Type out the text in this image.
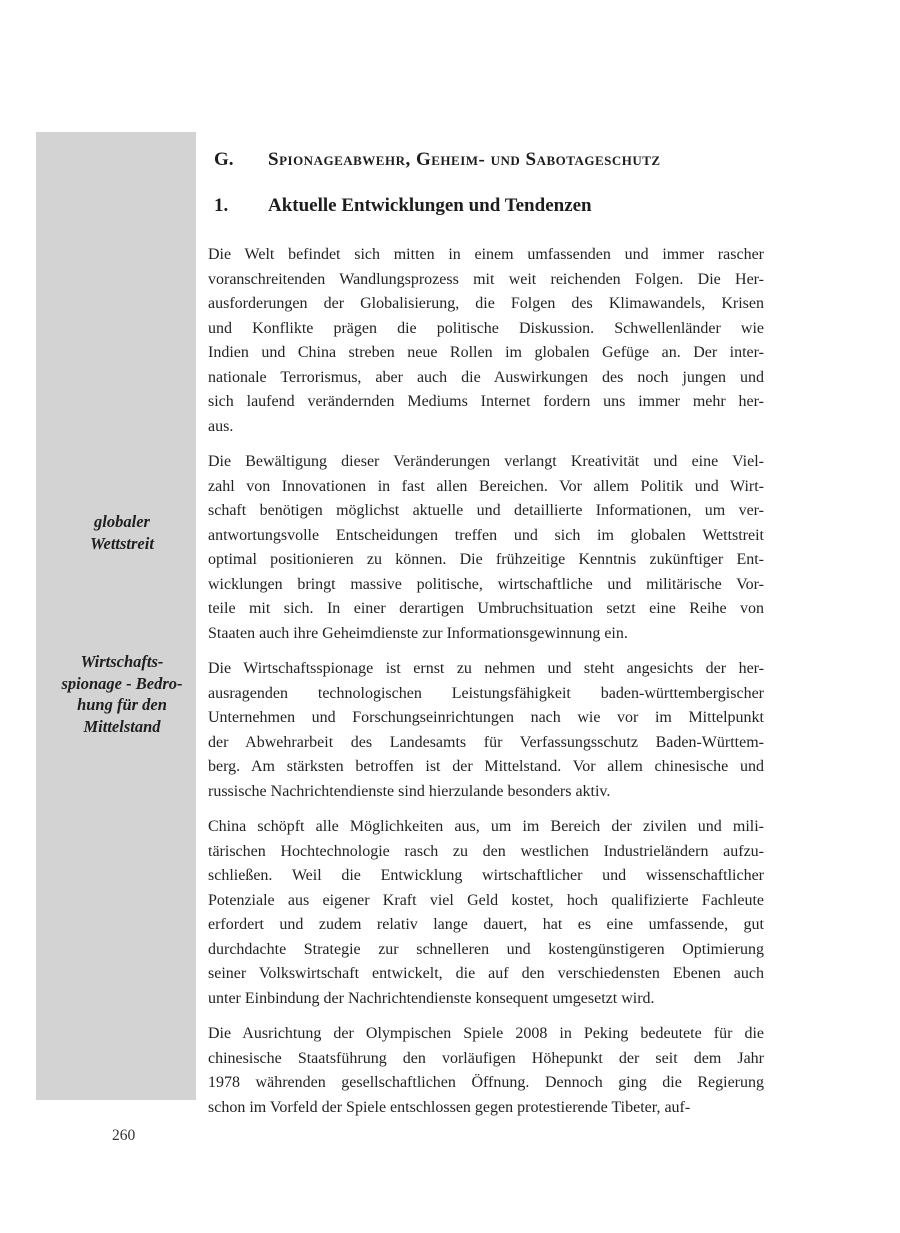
globaler
Wettstreit
Wirtschafts-
spionage - Bedro-
hung für den
Mittelstand
G.	Spionageabwehr, Geheim- und Sabotageschutz
1.	Aktuelle Entwicklungen und Tendenzen
Die Welt befindet sich mitten in einem umfassenden und immer rascher
voranschreitenden Wandlungsprozess mit weit reichenden Folgen. Die Her-
ausforderungen der Globalisierung, die Folgen des Klimawandels, Krisen
und Konflikte prägen die politische Diskussion. Schwellenländer wie
Indien und China streben neue Rollen im globalen Gefüge an. Der inter-
nationale Terrorismus, aber auch die Auswirkungen des noch jungen und
sich laufend verändernden Mediums Internet fordern uns immer mehr her-
aus.
Die Bewältigung dieser Veränderungen verlangt Kreativität und eine Viel-
zahl von Innovationen in fast allen Bereichen. Vor allem Politik und Wirt-
schaft benötigen möglichst aktuelle und detaillierte Informationen, um ver-
antwortungsvolle Entscheidungen treffen und sich im globalen Wettstreit
optimal positionieren zu können. Die frühzeitige Kenntnis zukünftiger Ent-
wicklungen bringt massive politische, wirtschaftliche und militärische Vor-
teile mit sich. In einer derartigen Umbruchsituation setzt eine Reihe von
Staaten auch ihre Geheimdienste zur Informationsgewinnung ein.
Die Wirtschaftsspionage ist ernst zu nehmen und steht angesichts der her-
ausragenden technologischen Leistungsfähigkeit baden-württembergischer
Unternehmen und Forschungseinrichtungen nach wie vor im Mittelpunkt
der Abwehrarbeit des Landesamts für Verfassungsschutz Baden-Württem-
berg. Am stärksten betroffen ist der Mittelstand. Vor allem chinesische und
russische Nachrichtendienste sind hierzulande besonders aktiv.
China schöpft alle Möglichkeiten aus, um im Bereich der zivilen und mili-
tärischen Hochtechnologie rasch zu den westlichen Industrieländern aufzu-
schließen. Weil die Entwicklung wirtschaftlicher und wissenschaftlicher
Potenziale aus eigener Kraft viel Geld kostet, hoch qualifizierte Fachleute
erfordert und zudem relativ lange dauert, hat es eine umfassende, gut
durchdachte Strategie zur schnelleren und kostengünstigeren Optimierung
seiner Volkswirtschaft entwickelt, die auf den verschiedensten Ebenen auch
unter Einbindung der Nachrichtendienste konsequent umgesetzt wird.
Die Ausrichtung der Olympischen Spiele 2008 in Peking bedeutete für die
chinesische Staatsführung den vorläufigen Höhepunkt der seit dem Jahr
1978 währenden gesellschaftlichen Öffnung. Dennoch ging die Regierung
schon im Vorfeld der Spiele entschlossen gegen protestierende Tibeter, auf-
260
